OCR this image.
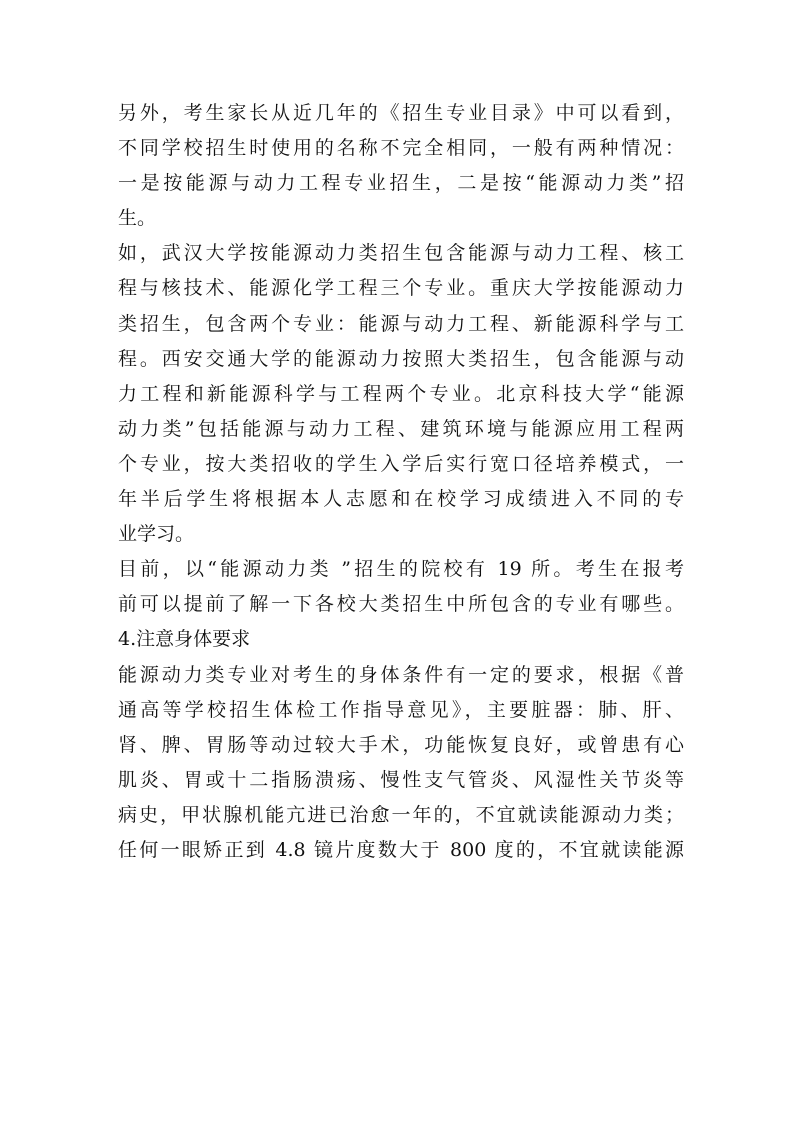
另外，考生家长从近几年的《招生专业目录》中可以看到，
不同学校招生时使用的名称不完全相同，一般有两种情况：
一是按能源与动力工程专业招生，二是按“能源动力类”招
生。
如，武汉大学按能源动力类招生包含能源与动力工程、核工
程与核技术、能源化学工程三个专业。重庆大学按能源动力
类招生，包含两个专业：能源与动力工程、新能源科学与工
程。西安交通大学的能源动力按照大类招生，包含能源与动
力工程和新能源科学与工程两个专业。北京科技大学“能源
动力类”包括能源与动力工程、建筑环境与能源应用工程两
个专业，按大类招收的学生入学后实行宽口径培养模式，一
年半后学生将根据本人志愿和在校学习成绩进入不同的专
业学习。
目前，以“能源动力类 ”招生的院校有 19 所。考生在报考
前可以提前了解一下各校大类招生中所包含的专业有哪些。
4.注意身体要求
能源动力类专业对考生的身体条件有一定的要求，根据《普
通高等学校招生体检工作指导意见》，主要脏器：肺、肝、
肾、脾、胃肠等动过较大手术，功能恢复良好，或曾患有心
肌炎、胃或十二指肠溃疡、慢性支气管炎、风湿性关节炎等
病史，甲状腺机能亢进已治愈一年的，不宜就读能源动力类；
任何一眼矫正到 4.8 镜片度数大于 800 度的，不宜就读能源
